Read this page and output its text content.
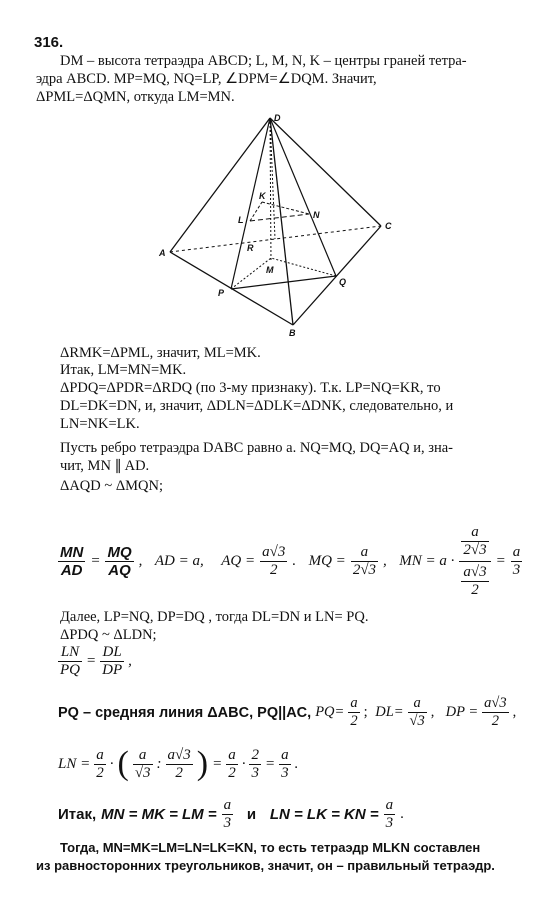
316.
DM – высота тетраэдра ABCD; L, M, N, K – центры граней тетра-
эдра ABCD. MP=MQ, NQ=LP, ∠DPM=∠DQM. Значит,
ΔPML=ΔQMN, откуда LM=MN.
D
C
A
B
P
Q
L	N
K
R
M
ΔRMK=ΔPML, значит, ML=MK.
Итак, LM=MN=MK.
ΔPDQ=ΔPDR=ΔRDQ (по 3-му признаку). Т.к. LP=NQ=KR, то
DL=DK=DN, и, значит, ΔDLN=ΔDLK=ΔDNK, следовательно, и
LN=NK=LK.
Пусть ребро тетраэдра DABC равно a. NQ=MQ, DQ=AQ и, зна-
чит, MN ∥ AD.
ΔAQD ~ ΔMQN;
$\frac{MN}{AD} = \frac{MQ}{AQ}$ , AD = a,
AQ = $\frac{a√3}{2}$ . MQ = $\frac{a}{2√3}$ , MN = $a \cdot \frac{\frac{a}{2√3}}{\frac{a√3}{2}} = \frac{a}{3}$
Далее, LP=NQ, DP=DQ , тогда DL=DN и LN= PQ.
ΔPDQ ~ ΔLDN;
$\frac{LN}{PQ} = \frac{DL}{DP}$ ,
PQ – средняя линия ΔABC, PQ||AC, $PQ= \frac{a}{2}$ ; $DL= \frac{a}{√3}$ , DP = $\frac{a√3}{2}$ ,
LN = $\frac{a}{2}$ · ( $\frac{a}{√3}$ : $\frac{a√3}{2}$ ) = $\frac{a}{2} \cdot \frac{2}{3} = \frac{a}{3}$ .
Итак, MN = MK = LM = $\frac{a}{3}$
и
LN = LK = KN = $\frac{a}{3}$ .
Тогда, MN=MK=LM=LN=LK=KN, то есть тетраэдр MLKN составлен
из равносторонних треугольников, значит, он – правильный тетраэдр.
